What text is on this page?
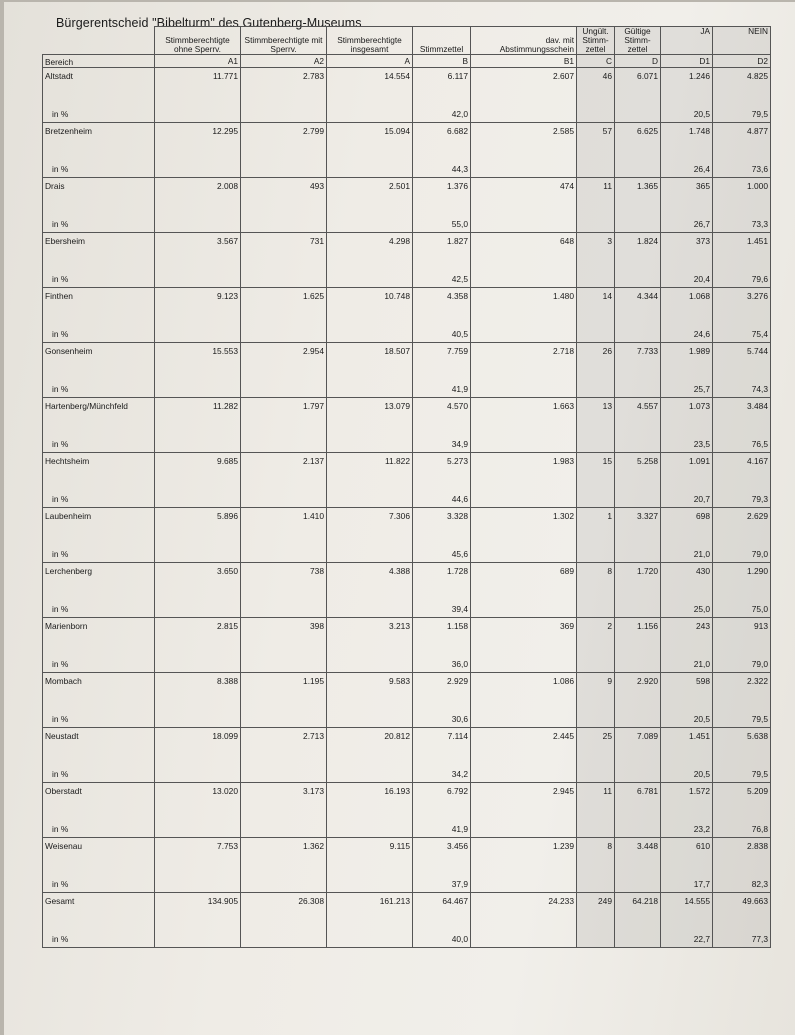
Bürgerentscheid "Bibelturm" des Gutenberg-Museums
	Stimmberechtigte ohne Sperrv.	Stimmberechtigte mit Sperrv.	Stimmberechtigte insgesamt	Stimmzettel	dav. mit Abstimmungsschein	Ungült. Stimm-zettel	Gültige Stimm-zettel	JA	NEIN
Bereich	A1	A2	A	B	B1	C	D	D1	D2
Altstadt	11.771	2.783	14.554	6.117	2.607	46	6.071	1.246	4.825
in %				42,0				20,5	79,5
Bretzenheim	12.295	2.799	15.094	6.682	2.585	57	6.625	1.748	4.877
in %				44,3				26,4	73,6
Drais	2.008	493	2.501	1.376	474	11	1.365	365	1.000
in %				55,0				26,7	73,3
Ebersheim	3.567	731	4.298	1.827	648	3	1.824	373	1.451
in %				42,5				20,4	79,6
Finthen	9.123	1.625	10.748	4.358	1.480	14	4.344	1.068	3.276
in %				40,5				24,6	75,4
Gonsenheim	15.553	2.954	18.507	7.759	2.718	26	7.733	1.989	5.744
in %				41,9				25,7	74,3
Hartenberg/Münchfeld	11.282	1.797	13.079	4.570	1.663	13	4.557	1.073	3.484
in %				34,9				23,5	76,5
Hechtsheim	9.685	2.137	11.822	5.273	1.983	15	5.258	1.091	4.167
in %				44,6				20,7	79,3
Laubenheim	5.896	1.410	7.306	3.328	1.302	1	3.327	698	2.629
in %				45,6				21,0	79,0
Lerchenberg	3.650	738	4.388	1.728	689	8	1.720	430	1.290
in %				39,4				25,0	75,0
Marienborn	2.815	398	3.213	1.158	369	2	1.156	243	913
in %				36,0				21,0	79,0
Mombach	8.388	1.195	9.583	2.929	1.086	9	2.920	598	2.322
in %				30,6				20,5	79,5
Neustadt	18.099	2.713	20.812	7.114	2.445	25	7.089	1.451	5.638
in %				34,2				20,5	79,5
Oberstadt	13.020	3.173	16.193	6.792	2.945	11	6.781	1.572	5.209
in %				41,9				23,2	76,8
Weisenau	7.753	1.362	9.115	3.456	1.239	8	3.448	610	2.838
in %				37,9				17,7	82,3
Gesamt	134.905	26.308	161.213	64.467	24.233	249	64.218	14.555	49.663
in %				40,0				22,7	77,3
